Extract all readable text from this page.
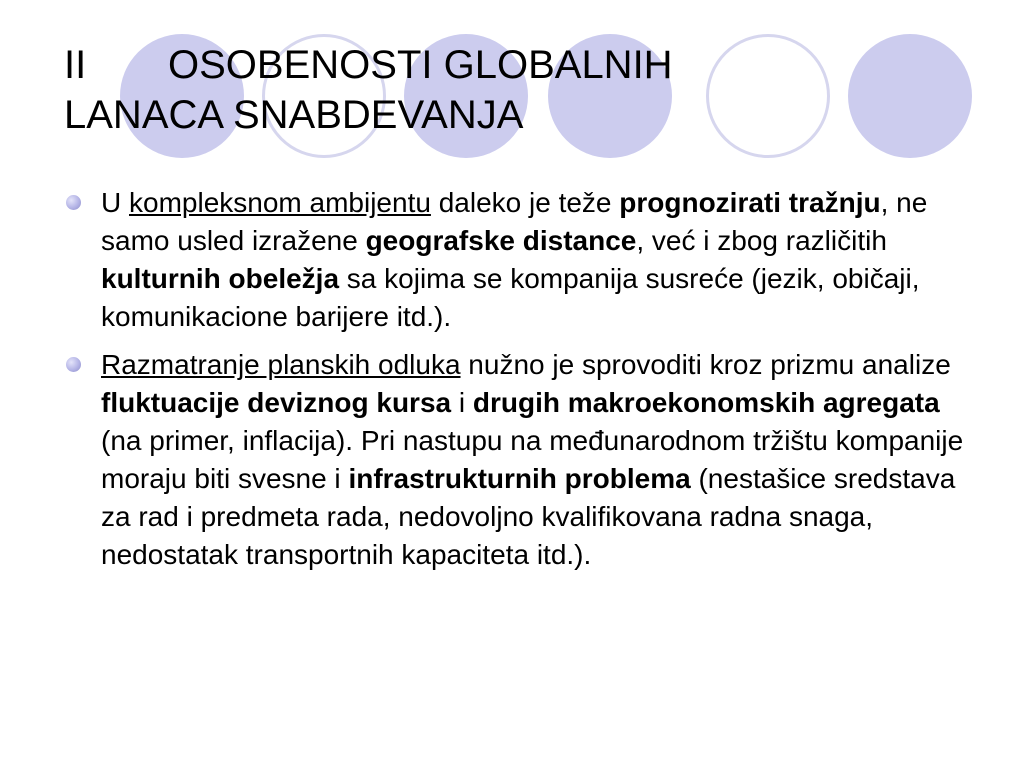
II OSOBENOSTI GLOBALNIH
LANACA SNABDEVANJA
U kompleksnom ambijentu daleko je teže prognozirati tražnju, ne samo usled izražene geografske distance, već i zbog različitih kulturnih obeležja sa kojima se kompanija susreće (jezik, običaji, komunikacione barijere itd.).
Razmatranje planskih odluka nužno je sprovoditi kroz prizmu analize fluktuacije deviznog kursa i drugih makroekonomskih agregata (na primer, inflacija). Pri nastupu na međunarodnom tržištu kompanije moraju biti svesne i infrastrukturnih problema (nestašice sredstava za rad i predmeta rada, nedovoljno kvalifikovana radna snaga, nedostatak transportnih kapaciteta itd.).
